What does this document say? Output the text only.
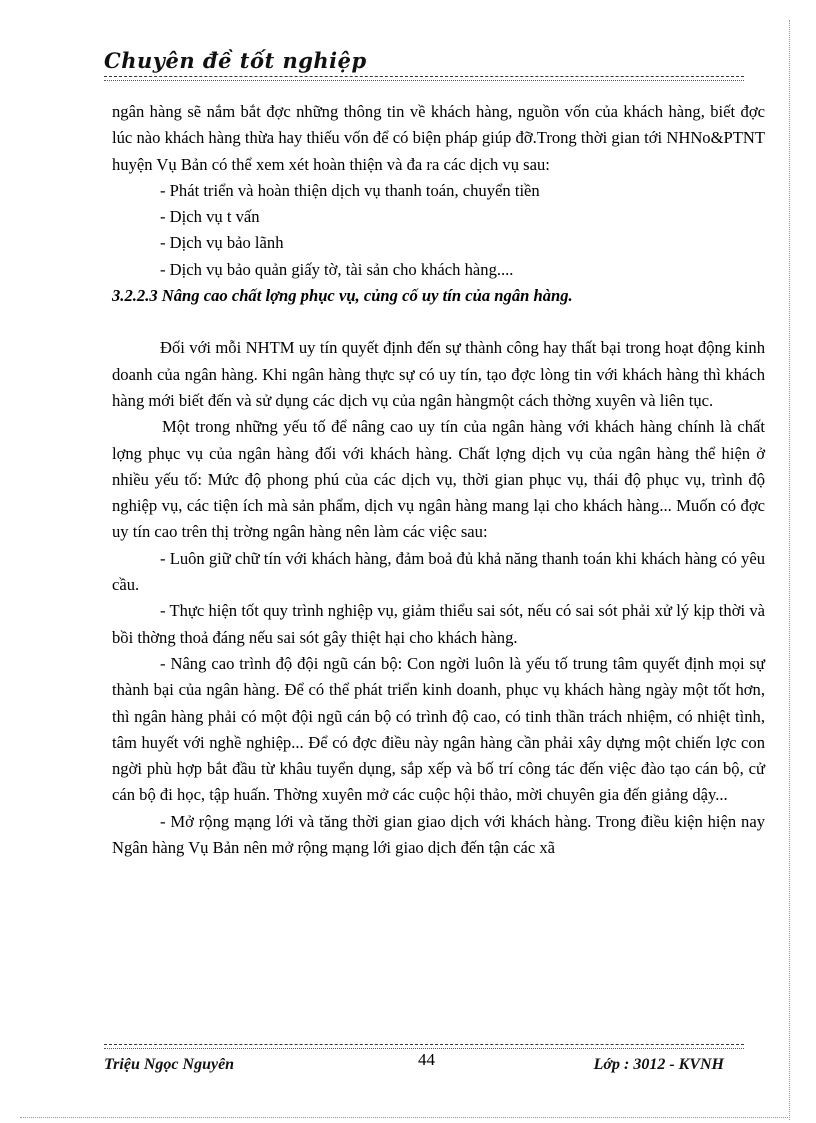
Chuyên đề tốt nghiệp

ngân hàng sẽ nắm bắt đợc những thông tin về khách hàng, nguồn vốn của khách hàng, biết đợc lúc nào khách hàng thừa hay thiếu vốn để có biện pháp giúp đỡ.Trong thời gian tới NHNo&PTNT huyện Vụ Bản có thể xem xét hoàn thiện và đa ra các dịch vụ sau:

- Phát triển và hoàn thiện dịch vụ thanh toán, chuyển tiền

- Dịch vụ t vấn

- Dịch vụ bảo lãnh

- Dịch vụ bảo quản giấy tờ, tài sản cho khách hàng....

3.2.2.3 Nâng cao chất lợng phục vụ, củng cố uy tín của ngân hàng.

Đối với mỗi NHTM uy tín quyết định đến sự thành công hay thất bại trong hoạt động kinh doanh của ngân hàng. Khi ngân hàng thực sự có uy tín, tạo đợc lòng tin với khách hàng thì khách hàng mới biết đến và sử dụng các dịch vụ của ngân hàngmột cách thờng xuyên và liên tục.

Một trong những yếu tố để nâng cao uy tín của ngân hàng với khách hàng chính là chất lợng phục vụ của ngân hàng đối với khách hàng. Chất lợng dịch vụ của ngân hàng thể hiện ở nhiều yếu tố: Mức độ phong phú của các dịch vụ, thời gian phục vụ, thái độ phục vụ, trình độ nghiệp vụ, các tiện ích mà sản phẩm, dịch vụ ngân hàng mang lại cho khách hàng... Muốn có đợc uy tín cao trên thị trờng ngân hàng nên làm các việc sau:

- Luôn giữ chữ tín với khách hàng, đảm boả đủ khả năng thanh toán khi khách hàng có yêu cầu.

- Thực hiện tốt quy trình nghiệp vụ, giảm thiểu sai sót, nếu có sai sót phải xử lý kịp thời và bồi thờng thoả đáng nếu sai sót gây thiệt hại cho khách hàng.

- Nâng cao trình độ đội ngũ cán bộ: Con ngời luôn là yếu tố trung tâm quyết định mọi sự thành bại của ngân hàng. Để có thể phát triển kinh doanh, phục vụ khách hàng ngày một tốt hơn, thì ngân hàng phải có một đội ngũ cán bộ có trình độ cao, có tinh thần trách nhiệm, có nhiệt tình, tâm huyết với nghề nghiệp... Để có đợc điều này ngân hàng cần phải xây dựng một chiến lợc con ngời phù hợp bắt đầu từ khâu tuyển dụng, sắp xếp và bố trí công tác đến việc đào tạo cán bộ, cử cán bộ đi học, tập huấn. Thờng xuyên mở các cuộc hội thảo, mời chuyên gia đến giảng dậy...

- Mở rộng mạng lới và tăng thời gian giao dịch với khách hàng. Trong điều kiện hiện nay Ngân hàng Vụ Bản nên mở rộng mạng lới giao dịch đến tận các xã

Triệu Ngọc Nguyên	44	Lớp : 3012 - KVNH
